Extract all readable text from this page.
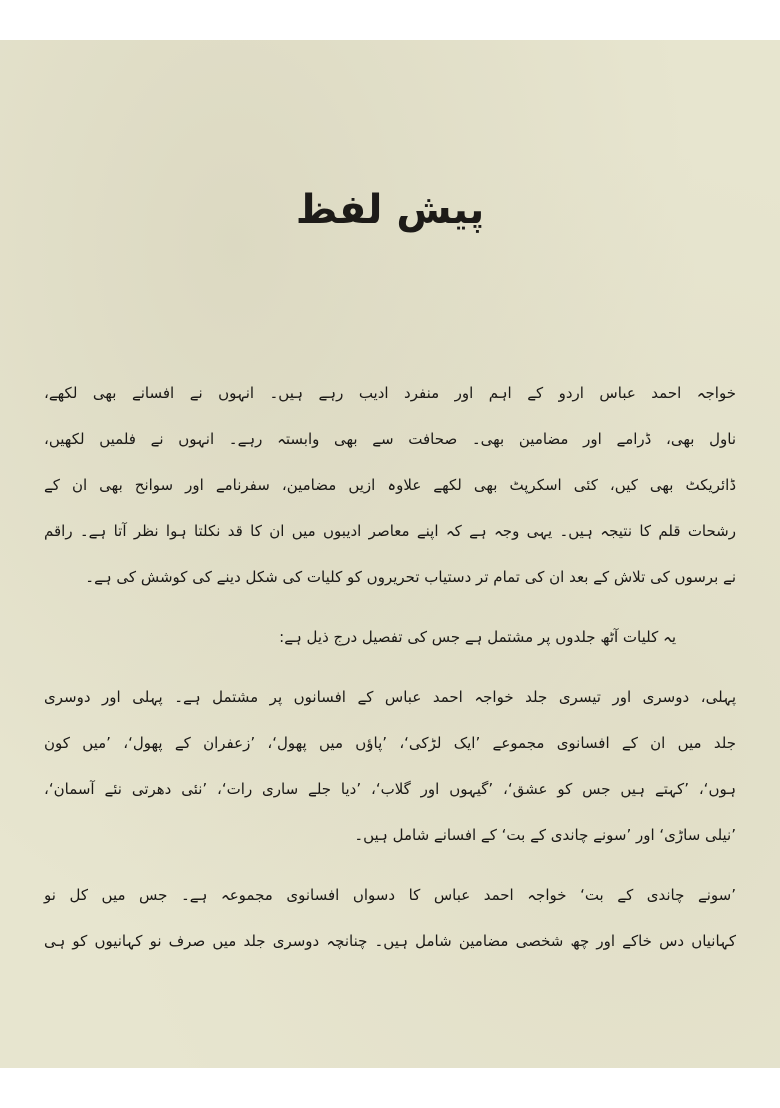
پیش لفظ
خواجہ احمد عباس اردو کے اہم اور منفرد ادیب رہے ہیں۔ انہوں نے افسانے بھی لکھے،
ناول بھی، ڈرامے اور مضامین بھی۔ صحافت سے بھی وابستہ رہے۔ انہوں نے فلمیں لکھیں،
ڈائریکٹ بھی کیں، کئی اسکرپٹ بھی لکھے علاوہ ازیں مضامین، سفرنامے اور سوانح بھی ان کے
رشحات قلم کا نتیجہ ہیں۔ یہی وجہ ہے کہ اپنے معاصر ادیبوں میں ان کا قد نکلتا ہوا نظر آتا ہے۔ راقم
نے برسوں کی تلاش کے بعد ان کی تمام تر دستیاب تحریروں کو کلیات کی شکل دینے کی کوشش کی ہے۔
یہ کلیات آٹھ جلدوں پر مشتمل ہے جس کی تفصیل درج ذیل ہے:
پہلی، دوسری اور تیسری جلد خواجہ احمد عباس کے افسانوں پر مشتمل ہے۔ پہلی اور دوسری
جلد میں ان کے افسانوی مجموعے ’ایک لڑکی‘، ’پاؤں میں پھول‘، ’زعفران کے پھول‘، ’میں کون
ہوں‘، ’کہتے ہیں جس کو عشق‘، ’گیہوں اور گلاب‘، ’دیا جلے ساری رات‘، ’نئی دھرتی نئے آسمان‘،
’نیلی ساڑی‘ اور ’سونے چاندی کے بت‘ کے افسانے شامل ہیں۔
’سونے چاندی کے بت‘ خواجہ احمد عباس کا دسواں افسانوی مجموعہ ہے۔ جس میں کل نو
کہانیاں دس خاکے اور چھ شخصی مضامین شامل ہیں۔ چنانچہ دوسری جلد میں صرف نو کہانیوں کو ہی
